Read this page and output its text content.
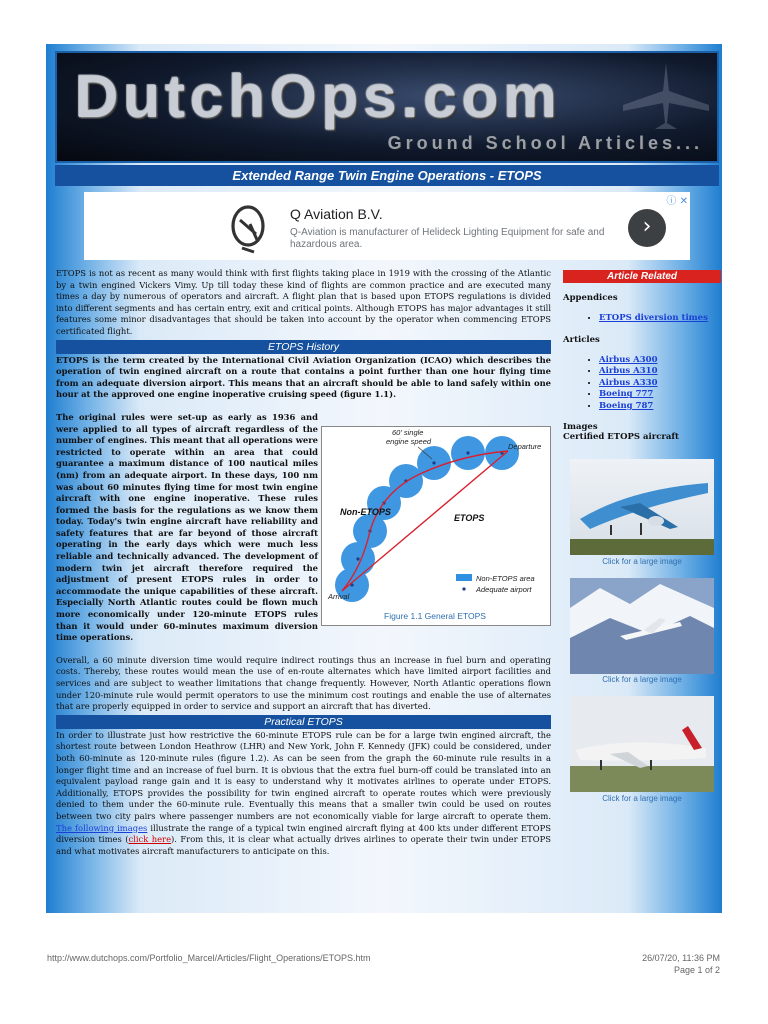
DutchOps.com
Ground School Articles...
Extended Range Twin Engine Operations - ETOPS
ⓘ ✕
Q Aviation B.V.
Q-Aviation is manufacturer of Helideck Lighting Equipment for safe and hazardous area.
›

ETOPS is not as recent as many would think with first flights taking place in 1919 with the crossing of the Atlantic by a twin engined Vickers Vimy. Up till today these kind of flights are common practice and are executed many times a day by numerous of operators and aircraft. A flight plan that is based upon ETOPS regulations is divided into different segments and has certain entry, exit and critical points. Although ETOPS has major advantages it still features some minor disadvantages that should be taken into account by the operator when commencing ETOPS certificated flight.

ETOPS History

ETOPS is the term created by the International Civil Aviation Organization (ICAO) which describes the operation of twin engined aircraft on a route that contains a point further than one hour flying time from an adequate diversion airport. This means that an aircraft should be able to land safely within one hour at the approved one engine inoperative cruising speed (figure 1.1).

The original rules were set-up as early as 1936 and were applied to all types of aircraft regardless of the number of engines. This meant that all operations were restricted to operate within an area that could guarantee a maximum distance of 100 nautical miles (nm) from an adequate airport. In these days, 100 nm was about 60 minutes flying time for most twin engine aircraft with one engine inoperative. These rules formed the basis for the regulations as we know them today. Today's twin engine aircraft have reliability and safety features that are far beyond of those aircraft operating in the early days which were much less reliable and technically advanced. The development of modern twin jet aircraft therefore required the adjustment of present ETOPS rules in order to accommodate the unique capabilities of these aircraft. Especially North Atlantic routes could be flown much more economically under 120-minute ETOPS rules than it would under 60-minutes maximum diversion time operations.

Overall, a 60 minute diversion time would require indirect routings thus an increase in fuel burn and operating costs. Thereby, these routes would mean the use of en-route alternates which have limited airport facilities and services and are subject to weather limitations that change frequently. However, North Atlantic operations flown under 120-minute rule would permit operators to use the minimum cost routings and enable the use of alternates that are properly equipped in order to service and support an aircraft that has diverted.

Practical ETOPS

In order to illustrate just how restrictive the 60-minute ETOPS rule can be for a large twin engined aircraft, the shortest route between London Heathrow (LHR) and New York, John F. Kennedy (JFK) could be considered, under both 60-minute as 120-minute rules (figure 1.2). As can be seen from the graph the 60-minute rule results in a longer flight time and an increase of fuel burn. It is obvious that the extra fuel burn-off could be translated into an equivalent payload range gain and it is easy to understand why it motivates airlines to operate under ETOPS. Additionally, ETOPS provides the possibility for twin engined aircraft to operate routes which were previously denied to them under the 60-minute rule. Eventually this means that a smaller twin could be used on routes between two city pairs where passenger numbers are not economically viable for large aircraft to operate them. The following images illustrate the range of a typical twin engined aircraft flying at 400 kts under different ETOPS diversion times (click here). From this, it is clear what actually drives airlines to operate their twin under ETOPS and what motivates aircraft manufacturers to anticipate on this.

60' single
engine speed
Departure
Arrival
Non-ETOPS
ETOPS
Non-ETOPS area
Adequate airport
Figure 1.1 General ETOPS
Article Related
Appendices
• ETOPS diversion times
Articles
• Airbus A300
• Airbus A310
• Airbus A330
• Boeing 777
• Boeing 787
Images
Certified ETOPS aircraft
Click for a large image
Click for a large image
Click for a large image
http://www.dutchops.com/Portfolio_Marcel/Articles/Flight_Operations/ETOPS.htm	26/07/20, 11:36 PM
Page 1 of 2
